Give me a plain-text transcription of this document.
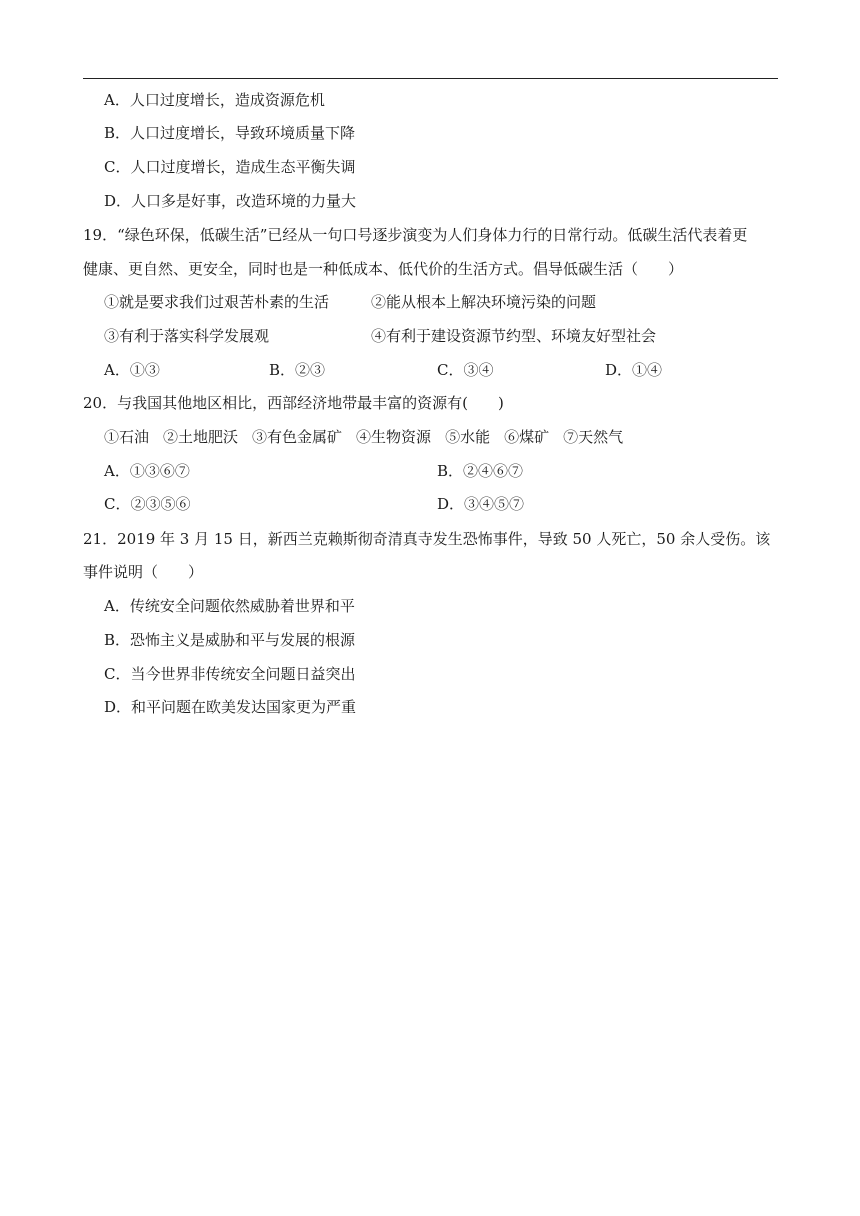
A．人口过度增长，造成资源危机
B．人口过度增长，导致环境质量下降
C．人口过度增长，造成生态平衡失调
D．人口多是好事，改造环境的力量大
19．“绿色环保，低碳生活”已经从一句口号逐步演变为人们身体力行的日常行动。低碳生活代表着更
健康、更自然、更安全，同时也是一种低成本、低代价的生活方式。倡导低碳生活（　　）
①就是要求我们过艰苦朴素的生活	②能从根本上解决环境污染的问题
③有利于落实科学发展观	④有利于建设资源节约型、环境友好型社会
A．①③	B．②③	C．③④	D．①④
20．与我国其他地区相比，西部经济地带最丰富的资源有(　　)
①石油 ②土地肥沃 ③有色金属矿 ④生物资源 ⑤水能 ⑥煤矿 ⑦天然气
A．①③⑥⑦	B．②④⑥⑦
C．②③⑤⑥	D．③④⑤⑦
21．2019 年 3 月 15 日，新西兰克赖斯彻奇清真寺发生恐怖事件，导致 50 人死亡，50 余人受伤。该
事件说明（　　）
A．传统安全问题依然威胁着世界和平
B．恐怖主义是威胁和平与发展的根源
C．当今世界非传统安全问题日益突出
D．和平问题在欧美发达国家更为严重
